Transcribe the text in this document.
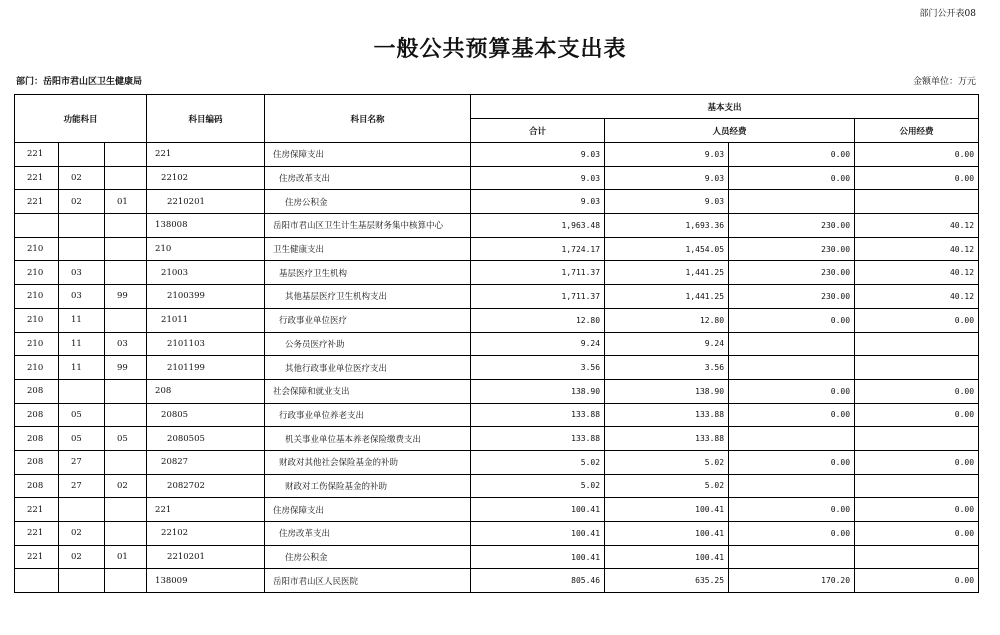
部门公开表08
一般公共预算基本支出表
部门：岳阳市君山区卫生健康局	金额单位：万元
功能科目			科目编码	科目名称	基本支出			
					合计	人员经费		公用经费
221			221	住房保障支出	9.03	9.03	0.00	0.00
221	02		22102	住房改革支出	9.03	9.03	0.00	0.00
221	02	01	2210201	住房公积金	9.03	9.03		
			138008	岳阳市君山区卫生计生基层财务集中核算中心	1,963.48	1,693.36	230.00	40.12
210			210	卫生健康支出	1,724.17	1,454.05	230.00	40.12
210	03		21003	基层医疗卫生机构	1,711.37	1,441.25	230.00	40.12
210	03	99	2100399	其他基层医疗卫生机构支出	1,711.37	1,441.25	230.00	40.12
210	11		21011	行政事业单位医疗	12.80	12.80	0.00	0.00
210	11	03	2101103	公务员医疗补助	9.24	9.24		
210	11	99	2101199	其他行政事业单位医疗支出	3.56	3.56		
208			208	社会保障和就业支出	138.90	138.90	0.00	0.00
208	05		20805	行政事业单位养老支出	133.88	133.88	0.00	0.00
208	05	05	2080505	机关事业单位基本养老保险缴费支出	133.88	133.88		
208	27		20827	财政对其他社会保险基金的补助	5.02	5.02	0.00	0.00
208	27	02	2082702	财政对工伤保险基金的补助	5.02	5.02		
221			221	住房保障支出	100.41	100.41	0.00	0.00
221	02		22102	住房改革支出	100.41	100.41	0.00	0.00
221	02	01	2210201	住房公积金	100.41	100.41		
			138009	岳阳市君山区人民医院	805.46	635.25	170.20	0.00
